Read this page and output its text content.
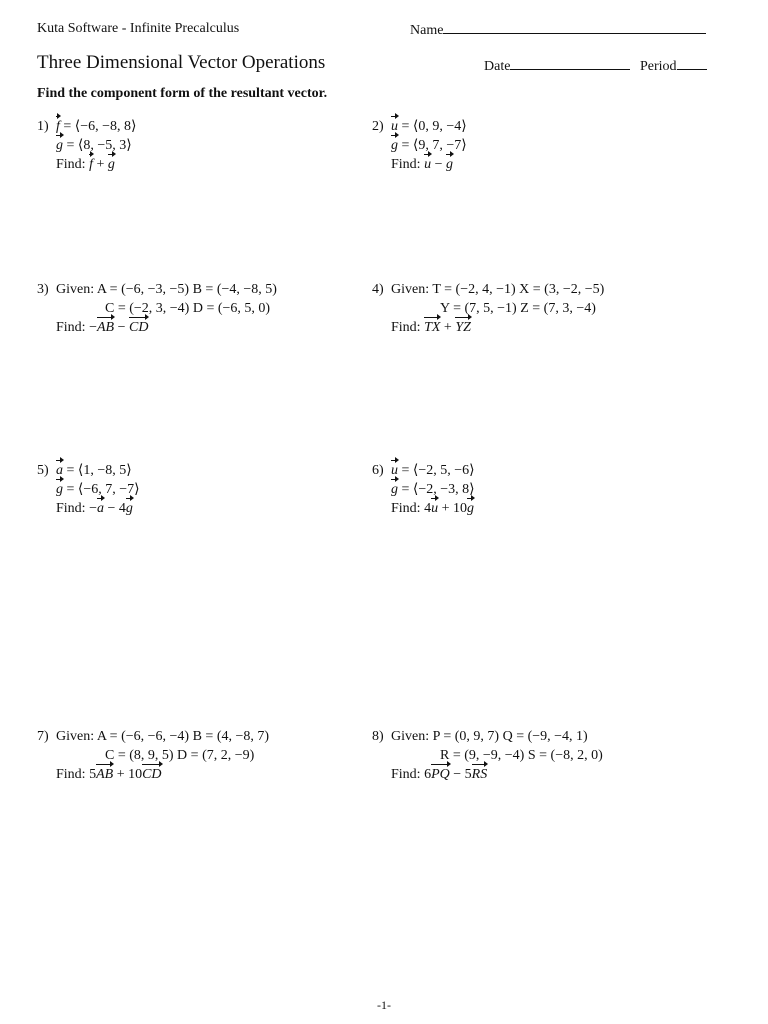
Kuta Software - Infinite Precalculus	Name
Three Dimensional Vector Operations	Date	Period
Find the component form of the resultant vector.
1) f = ⟨−6, −8, 8⟩
g = ⟨8, −5, 3⟩
Find: f + g
2) u = ⟨0, 9, −4⟩
g = ⟨9, 7, −7⟩
Find: u − g
3) Given: A = (−6, −3, −5) B = (−4, −8, 5)
C = (−2, 3, −4) D = (−6, 5, 0)
Find: −AB − CD
4) Given: T = (−2, 4, −1) X = (3, −2, −5)
Y = (7, 5, −1) Z = (7, 3, −4)
Find: TX + YZ
5) a = ⟨1, −8, 5⟩
g = ⟨−6, 7, −7⟩
Find: −a − 4g
6) u = ⟨−2, 5, −6⟩
g = ⟨−2, −3, 8⟩
Find: 4u + 10g
7) Given: A = (−6, −6, −4) B = (4, −8, 7)
C = (8, 9, 5) D = (7, 2, −9)
Find: 5AB + 10CD
8) Given: P = (0, 9, 7) Q = (−9, −4, 1)
R = (9, −9, −4) S = (−8, 2, 0)
Find: 6PQ − 5RS
-1-
